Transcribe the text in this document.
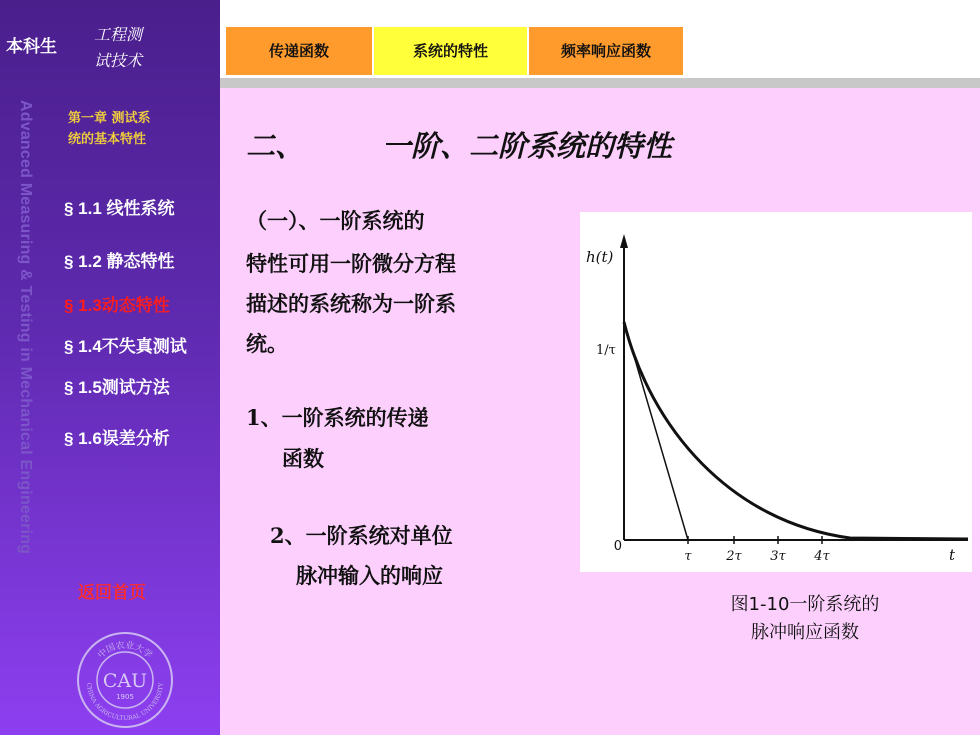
本科生
工程测
试技术
Advanced Measuring & Testing in Mechanical Engineering	第一章 测试系
统的基本特性
§ 1.1 线性系统
§ 1.2 静态特性
§ 1.3动态特性
§ 1.4不失真测试
§ 1.5测试方法
§ 1.6误差分析
返回首页
中国农业大学
CHINA AGRICULTURAL UNIVERSITY
CAU
1905
传递函数	系统的特性	频率响应函数
二、	一阶、二阶系统的特性
（一）、一阶系统的
特性可用一阶微分方程
描述的系统称为一阶系
统。
1、一阶系统的传递
函数
2、一阶系统对单位
脉冲输入的响应
h(t)
1/τ
0
τ	2τ 3τ 4τ	t
图1-10一阶系统的
脉冲响应函数
